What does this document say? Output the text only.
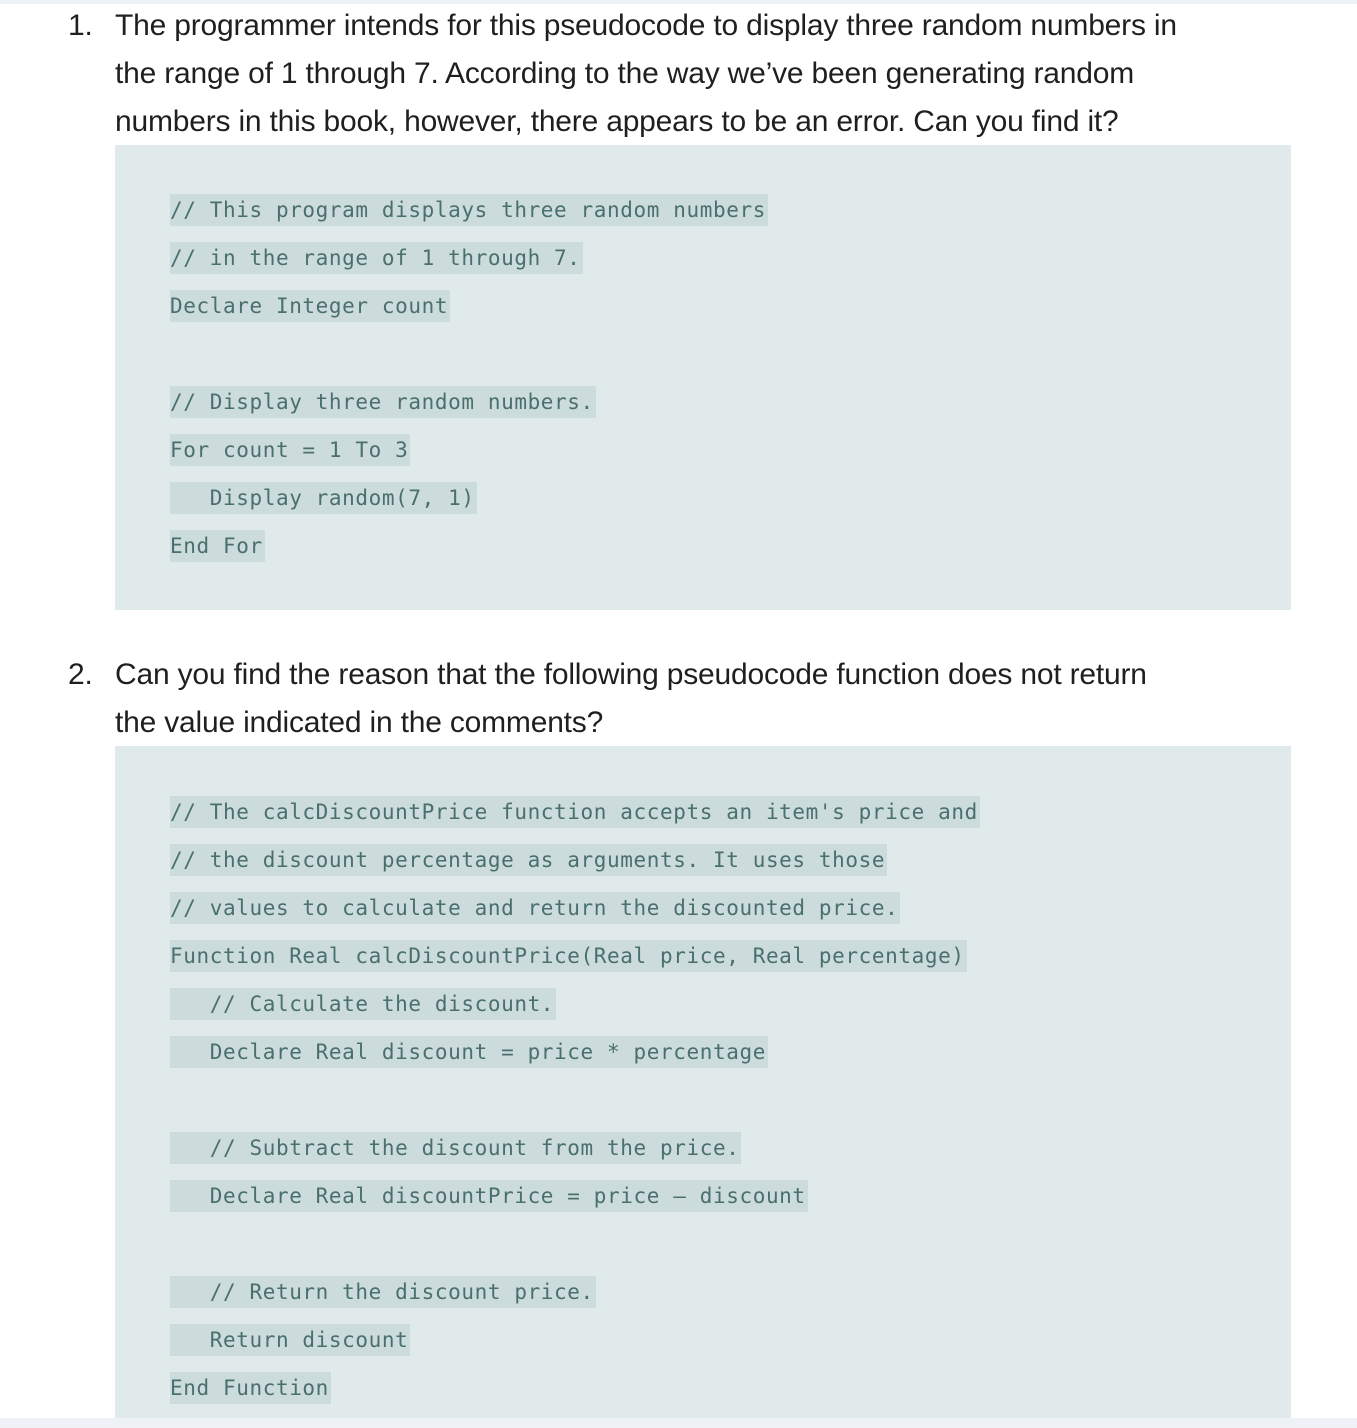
1. The programmer intends for this pseudocode to display three random numbers in
the range of 1 through 7. According to the way we’ve been generating random
numbers in this book, however, there appears to be an error. Can you find it?
// This program displays three random numbers
// in the range of 1 through 7.
Declare Integer count
// Display three random numbers.
For count = 1 To 3
Display random(7, 1)
End For
2. Can you find the reason that the following pseudocode function does not return
the value indicated in the comments?
// The calcDiscountPrice function accepts an item's price and
// the discount percentage as arguments. It uses those
// values to calculate and return the discounted price.
Function Real calcDiscountPrice(Real price, Real percentage)
// Calculate the discount.
Declare Real discount = price * percentage
// Subtract the discount from the price.
Declare Real discountPrice = price – discount
// Return the discount price.
Return discount
End Function
